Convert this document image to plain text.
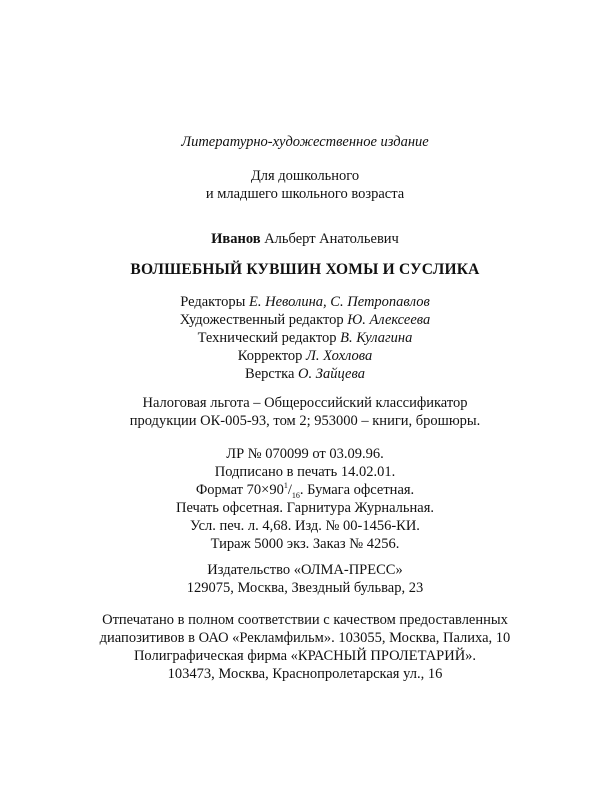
Литературно-художественное издание
Для дошкольного
и младшего школьного возраста
Иванов Альберт Анатольевич
ВОЛШЕБНЫЙ КУВШИН ХОМЫ И СУСЛИКА
Редакторы Е. Неволина, С. Петропавлов
Художественный редактор Ю. Алексеева
Технический редактор В. Кулагина
Корректор Л. Хохлова
Верстка О. Зайцева
Налоговая льгота – Общероссийский классификатор
продукции ОК-005-93, том 2; 953000 – книги, брошюры.
ЛР № 070099 от 03.09.96.
Подписано в печать 14.02.01.
Формат $70\times 90^1/_{16}$. Бумага офсетная.
Печать офсетная. Гарнитура Журнальная.
Усл. печ. л. 4,68. Изд. № 00-1456-КИ.
Тираж 5000 экз. Заказ № 4256.
Издательство «ОЛМА-ПРЕСС»
129075, Москва, Звездный бульвар, 23
Отпечатано в полном соответствии с качеством предоставленных
диапозитивов в ОАО «Рекламфильм». 103055, Москва, Палиха, 10
Полиграфическая фирма «КРАСНЫЙ ПРОЛЕТАРИЙ».
103473, Москва, Краснопролетарская ул., 16
